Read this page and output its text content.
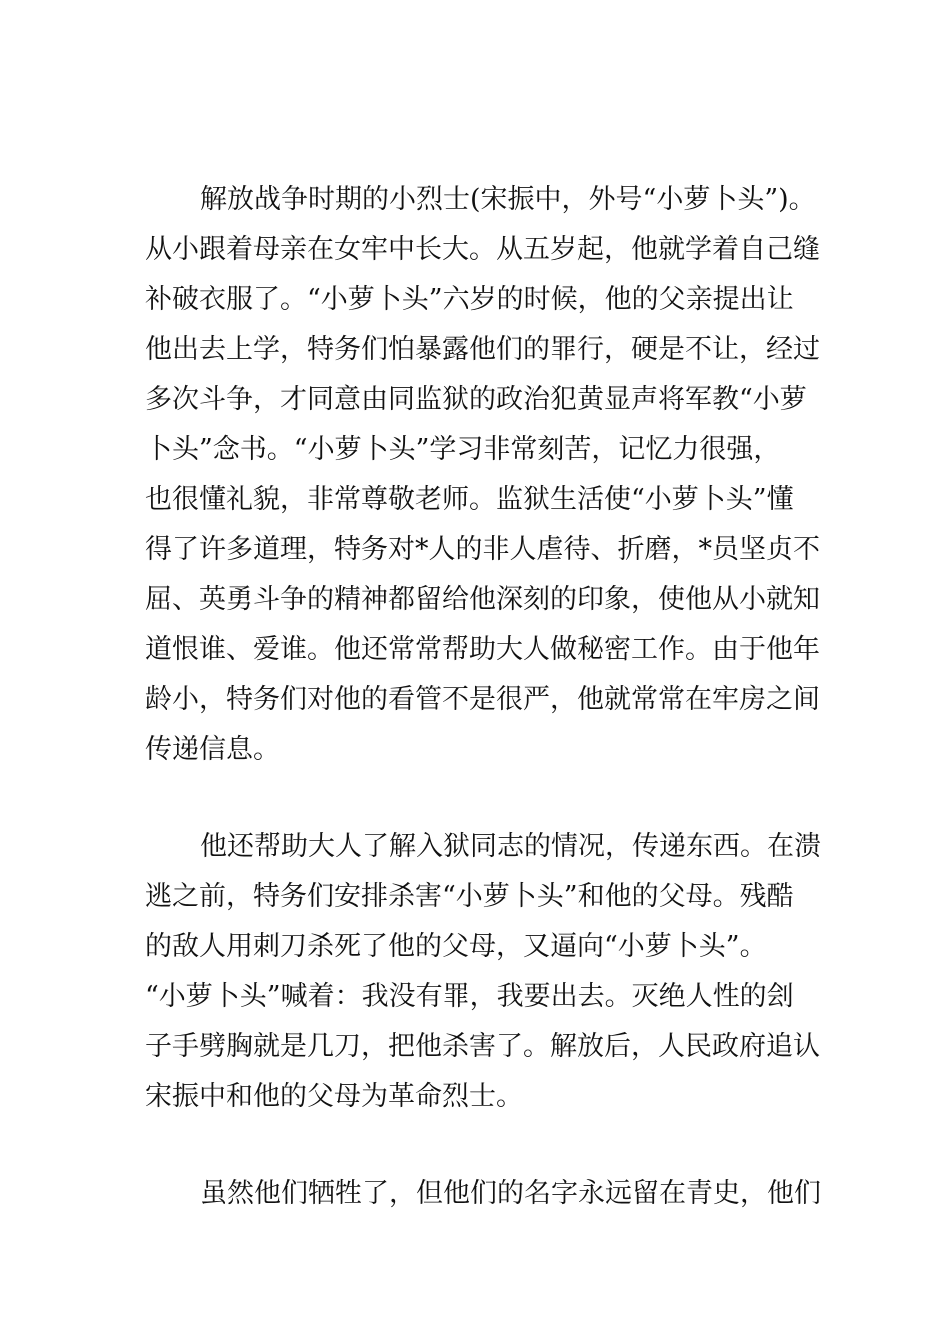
解放战争时期的小烈士(宋振中，外号“小萝卜头”)。
从小跟着母亲在女牢中长大。从五岁起，他就学着自己缝
补破衣服了。“小萝卜头”六岁的时候，他的父亲提出让
他出去上学，特务们怕暴露他们的罪行，硬是不让，经过
多次斗争，才同意由同监狱的政治犯黄显声将军教“小萝
卜头”念书。“小萝卜头”学习非常刻苦，记忆力很强，
也很懂礼貌，非常尊敬老师。监狱生活使“小萝卜头”懂
得了许多道理，特务对*人的非人虐待、折磨，*员坚贞不
屈、英勇斗争的精神都留给他深刻的印象，使他从小就知
道恨谁、爱谁。他还常常帮助大人做秘密工作。由于他年
龄小，特务们对他的看管不是很严，他就常常在牢房之间
传递信息。
他还帮助大人了解入狱同志的情况，传递东西。在溃
逃之前，特务们安排杀害“小萝卜头”和他的父母。残酷
的敌人用刺刀杀死了他的父母，又逼向“小萝卜头”。
“小萝卜头”喊着：我没有罪，我要出去。灭绝人性的刽
子手劈胸就是几刀，把他杀害了。解放后，人民政府追认
宋振中和他的父母为革命烈士。
虽然他们牺牲了，但他们的名字永远留在青史，他们
